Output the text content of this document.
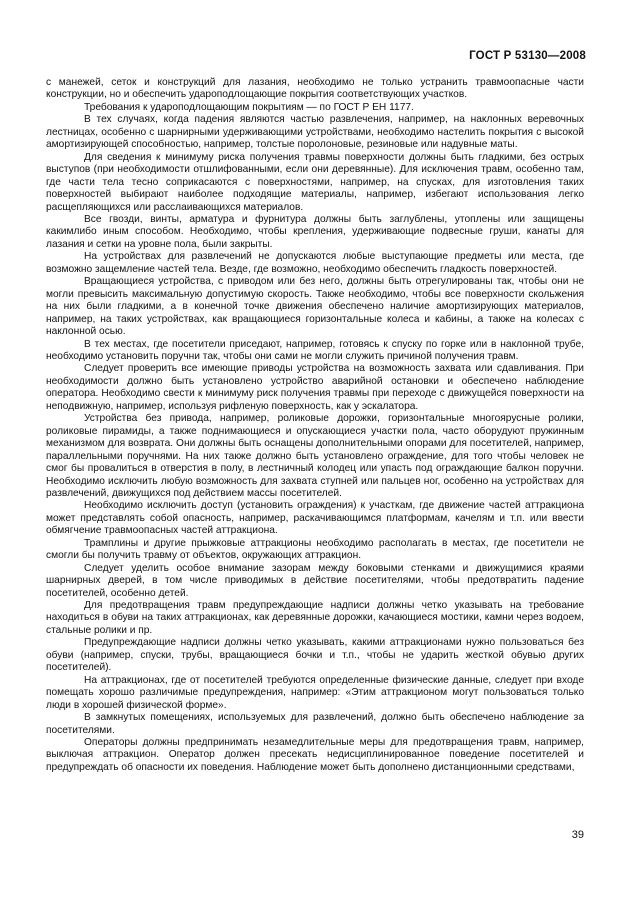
ГОСТ Р 53130—2008

с манежей, сеток и конструкций для лазания, необходимо не только устранить травмоопасные части конструкции, но и обеспечить удароподлощающие покрытия соответствующих участков.

Требования к удароподлощающим покрытиям — по ГОСТ Р ЕН 1177.

В тех случаях, когда падения являются частью развлечения, например, на наклонных веревочных лестницах, особенно с шарнирными удерживающими устройствами, необходимо настелить покрытия с высокой амортизирующей способностью, например, толстые поролоновые, резиновые или надувные маты.

Для сведения к минимуму риска получения травмы поверхности должны быть гладкими, без острых выступов (при необходимости отшлифованными, если они деревянные). Для исключения травм, особенно там, где части тела тесно соприкасаются с поверхностями, например, на спусках, для изготовления таких поверхностей выбирают наиболее подходящие материалы, например, избегают использования легко расщепляющихся или расслаивающихся материалов.

Все гвозди, винты, арматура и фурнитура должны быть заглублены, утоплены или защищены какимлибо иным способом. Необходимо, чтобы крепления, удерживающие подвесные груши, канаты для лазания и сетки на уровне пола, были закрыты.

На устройствах для развлечений не допускаются любые выступающие предметы или места, где возможно защемление частей тела. Везде, где возможно, необходимо обеспечить гладкость поверхностей.

Вращающиеся устройства, с приводом или без него, должны быть отрегулированы так, чтобы они не могли превысить максимальную допустимую скорость. Также необходимо, чтобы все поверхности скольжения на них были гладкими, а в конечной точке движения обеспечено наличие амортизирующих материалов, например, на таких устройствах, как вращающиеся горизонтальные колеса и кабины, а также на колесах с наклонной осью.

В тех местах, где посетители приседают, например, готовясь к спуску по горке или в наклонной трубе, необходимо установить поручни так, чтобы они сами не могли служить причиной получения травм.

Следует проверить все имеющие приводы устройства на возможность захвата или сдавливания. При необходимости должно быть установлено устройство аварийной остановки и обеспечено наблюдение оператора. Необходимо свести к минимуму риск получения травмы при переходе с движущейся поверхности на неподвижную, например, используя рифленую поверхность, как у эскалатора.

Устройства без привода, например, роликовые дорожки, горизонтальные многоярусные ролики, роликовые пирамиды, а также поднимающиеся и опускающиеся участки пола, часто оборудуют пружинным механизмом для возврата. Они должны быть оснащены дополнительными опорами для посетителей, например, параллельными поручнями. На них также должно быть установлено ограждение, для того чтобы человек не смог бы провалиться в отверстия в полу, в лестничный колодец или упасть под ограждающие балкон поручни. Необходимо исключить любую возможность для захвата ступней или пальцев ног, особенно на устройствах для развлечений, движущихся под действием массы посетителей.

Необходимо исключить доступ (установить ограждения) к участкам, где движение частей аттракциона может представлять собой опасность, например, раскачивающимся платформам, качелям и т.п. или ввести обмягчение травмоопасных частей аттракциона.

Трамплины и другие прыжковые аттракционы необходимо располагать в местах, где посетители не смогли бы получить травму от объектов, окружающих аттракцион.

Следует уделить особое внимание зазорам между боковыми стенками и движущимися краями шарнирных дверей, в том числе приводимых в действие посетителями, чтобы предотвратить падение посетителей, особенно детей.

Для предотвращения травм предупреждающие надписи должны четко указывать на требование находиться в обуви на таких аттракционах, как деревянные дорожки, качающиеся мостики, камни через водоем, стальные ролики и пр.

Предупреждающие надписи должны четко указывать, какими аттракционами нужно пользоваться без обуви (например, спуски, трубы, вращающиеся бочки и т.п., чтобы не ударить жесткой обувью других посетителей).

На аттракционах, где от посетителей требуются определенные физические данные, следует при входе помещать хорошо различимые предупреждения, например: «Этим аттракционом могут пользоваться только люди в хорошей физической форме».

В замкнутых помещениях, используемых для развлечений, должно быть обеспечено наблюдение за посетителями.

Операторы должны предпринимать незамедлительные меры для предотвращения травм, например, выключая аттракцион. Оператор должен пресекать недисциплинированное поведение посетителей и предупреждать об опасности их поведения. Наблюдение может быть дополнено дистанционными средствами,

39
